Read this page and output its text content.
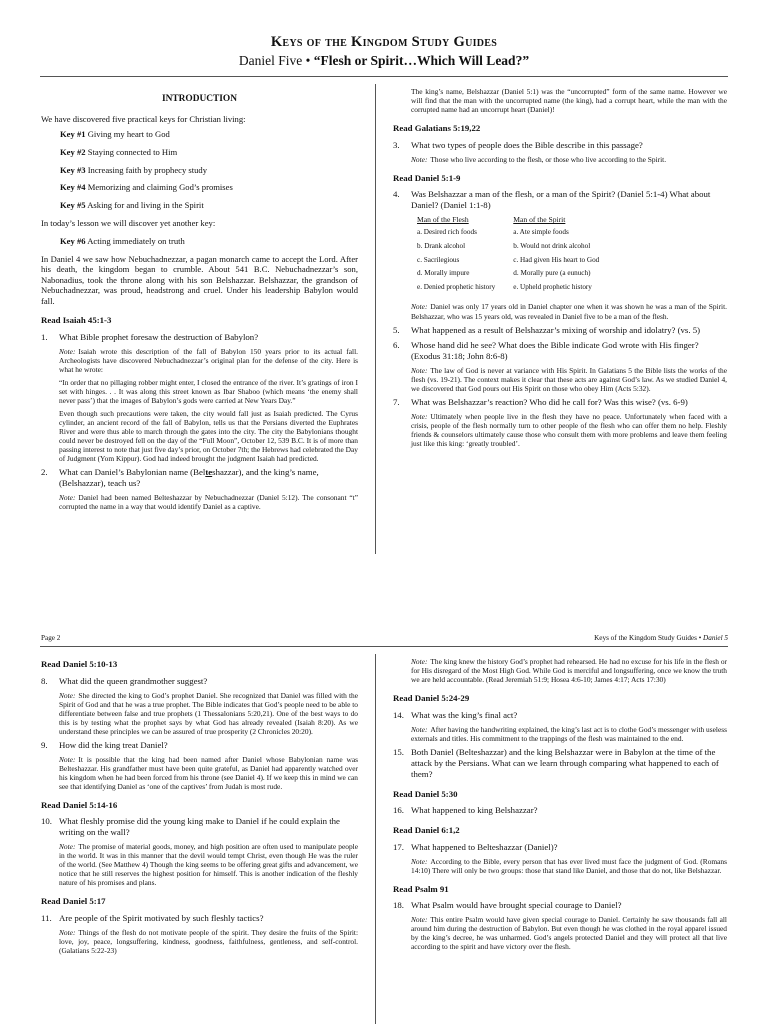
Keys of the Kingdom Study Guides
Daniel Five • “Flesh or Spirit…Which Will Lead?”
INTRODUCTION

We have discovered five practical keys for Christian living:

Key #1 Giving my heart to God
Key #2 Staying connected to Him
Key #3 Increasing faith by prophecy study
Key #4 Memorizing and claiming God’s promises
Key #5 Asking for and living in the Spirit

In today’s lesson we will discover yet another key:

Key #6 Acting immediately on truth

In Daniel 4 we saw how Nebuchadnezzar, a pagan monarch came to accept the Lord. After his death, the kingdom began to crumble. About 541 B.C. Nebuchadnezzar’s son, Nabonadius, took the throne along with his son Belshazzar. Belshazzar, the grandson of Nebuchadnezzar, was proud, headstrong and cruel. Under his leadership Babylon would fall.

Read Isaiah 45:1-3
1.	What Bible prophet foresaw the destruction of Babylon?
Note: Isaiah wrote this description of the fall of Babylon 150 years prior to its actual fall. Archeologists have discovered Nebuchadnezzar’s original plan for the defense of the city. Here is what he wrote:
“In order that no pillaging robber might enter, I closed the entrance of the river. It’s gratings of iron I set with hinges. . . It was along this street known as Ibar Shaboo (which means ‘the enemy shall never pass’) that the images of Babylon’s gods were carried at New Years Day.”
Even though such precautions were taken, the city would fall just as Isaiah predicted. The Cyrus cylinder, an ancient record of the fall of Babylon, tells us that the Persians diverted the Euphrates River and were thus able to march through the gates into the city. The city the Babylonians thought could never be destroyed fell on the day of the “Full Moon”, October 12, 539 B.C. It is of more than passing interest to note that just five day’s prior, on October 7th; the Hebrews had celebrated the Day of Judgment (Yom Kippur). God had indeed brought the judgment Isaiah had predicted.
2.	What can Daniel’s Babylonian name (Belteshazzar), and the king’s name, (Belshazzar), teach us?
Note: Daniel had been named Belteshazzar by Nebuchadnezzar (Daniel 5:12). The consonant “t” corrupted the name in a way that would identify Daniel as a captive.
The king’s name, Belshazzar (Daniel 5:1) was the “uncorrupted” form of the same name. However we will find that the man with the uncorrupted name (the king), had a corrupt heart, while the man with the corrupted name had an uncorrupt heart (Daniel)!
Read Galatians 5:19,22
3.	What two types of people does the Bible describe in this passage?
Note: Those who live according to the flesh, or those who live according to the Spirit.
Read Daniel 5:1-9
4.	Was Belshazzar a man of the flesh, or a man of the Spirit? (Daniel 5:1-4) What about Daniel? (Daniel 1:1-8)
Man of the Flesh	Man of the Spirit
a. Desired rich foods	a. Ate simple foods
b. Drank alcohol	b. Would not drink alcohol
c. Sacrilegious	c. Had given His heart to God
d. Morally impure	d. Morally pure (a eunuch)
e. Denied prophetic history	e. Upheld prophetic history
Note: Daniel was only 17 years old in Daniel chapter one when it was shown he was a man of the Spirit. Belshazzar, who was 15 years old, was revealed in Daniel five to be a man of the flesh.
5.	What happened as a result of Belshazzar’s mixing of worship and idolatry? (vs. 5)
6.	Whose hand did he see? What does the Bible indicate God wrote with His finger? (Exodus 31:18; John 8:6-8)
Note: The law of God is never at variance with His Spirit. In Galatians 5 the Bible lists the works of the flesh (vs. 19-21). The context makes it clear that these acts are against God’s law. As we studied Daniel 4, we discovered that God pours out His Spirit on those who obey Him (Acts 5:32).
7.	What was Belshazzar’s reaction? Who did he call for? Was this wise? (vs. 6-9)
Note: Ultimately when people live in the flesh they have no peace. Unfortunately when faced with a crisis, people of the flesh normally turn to other people of the flesh who can offer them no help. Fleshly friends & counselors ultimately cause those who consult them with more problems and leave them feeling just like this king: ‘greatly troubled’.
Page 2	Keys of the Kingdom Study Guides • Daniel 5
Read Daniel 5:10-13
8.	What did the queen grandmother suggest?
Note: She directed the king to God’s prophet Daniel. She recognized that Daniel was filled with the Spirit of God and that he was a true prophet. The Bible indicates that God’s people need to be able to differentiate between false and true prophets (1 Thessalonians 5:20,21). One of the best ways to do this is by testing what the prophet says by what God has already revealed (Isaiah 8:20). As we understand these principles we can be assured of true prosperity (2 Chronicles 20:20).
9.	How did the king treat Daniel?
Note: It is possible that the king had been named after Daniel whose Babylonian name was Belteshazzar. His grandfather must have been quite grateful, as Daniel had apparently watched over his kingdom when he had been forced from his throne (see Daniel 4). If we keep this in mind we can see that identifying Daniel as ‘one of the captives’ from Judah is most rude.
Read Daniel 5:14-16
10. What fleshly promise did the young king make to Daniel if he could explain the writing on the wall?
Note: The promise of material goods, money, and high position are often used to manipulate people in the world. It was in this manner that the devil would tempt Christ, even though He was the ruler of the world. (See Matthew 4) Though the king seems to be offering great gifts and advancement, we notice that he still reserves the highest position for himself. This is another indication of the fleshly nature of his promises and plans.
Read Daniel 5:17
11. Are people of the Spirit motivated by such fleshly tactics?
Note: Things of the flesh do not motivate people of the spirit. They desire the fruits of the Spirit: love, joy, peace, longsuffering, kindness, goodness, faithfulness, gentleness, and self-control. (Galatians 5:22-23)
Note: The king knew the history God’s prophet had rehearsed. He had no excuse for his life in the flesh or for His disregard of the Most High God. While God is merciful and longsuffering, once we know the truth we are held accountable. (Read Jeremiah 51:9; Hosea 4:6-10; James 4:17; Acts 17:30)
Read Daniel 5:24-29
14. What was the king’s final act?
Note: After having the handwriting explained, the king’s last act is to clothe God’s messenger with useless externals and titles. His commitment to the trappings of the flesh was maintained to the end.
15. Both Daniel (Belteshazzar) and the king Belshazzar were in Babylon at the time of the attack by the Persians. What can we learn through comparing what happened to each of them?
Read Daniel 5:30
16. What happened to king Belshazzar?
Read Daniel 6:1,2
17. What happened to Belteshazzar (Daniel)?
Note: According to the Bible, every person that has ever lived must face the judgment of God. (Romans 14:10) There will only be two groups: those that stand like Daniel, and those that do not, like Belshazzar.
Read Psalm 91
18. What Psalm would have brought special courage to Daniel?
Note: This entire Psalm would have given special courage to Daniel. Certainly he saw thousands fall all around him during the destruction of Babylon. But even though he was clothed in the royal apparel issued by the king’s decree, he was unharmed. God’s angels protected Daniel and they will protect all that live according to the spirit and have victory over the flesh.
